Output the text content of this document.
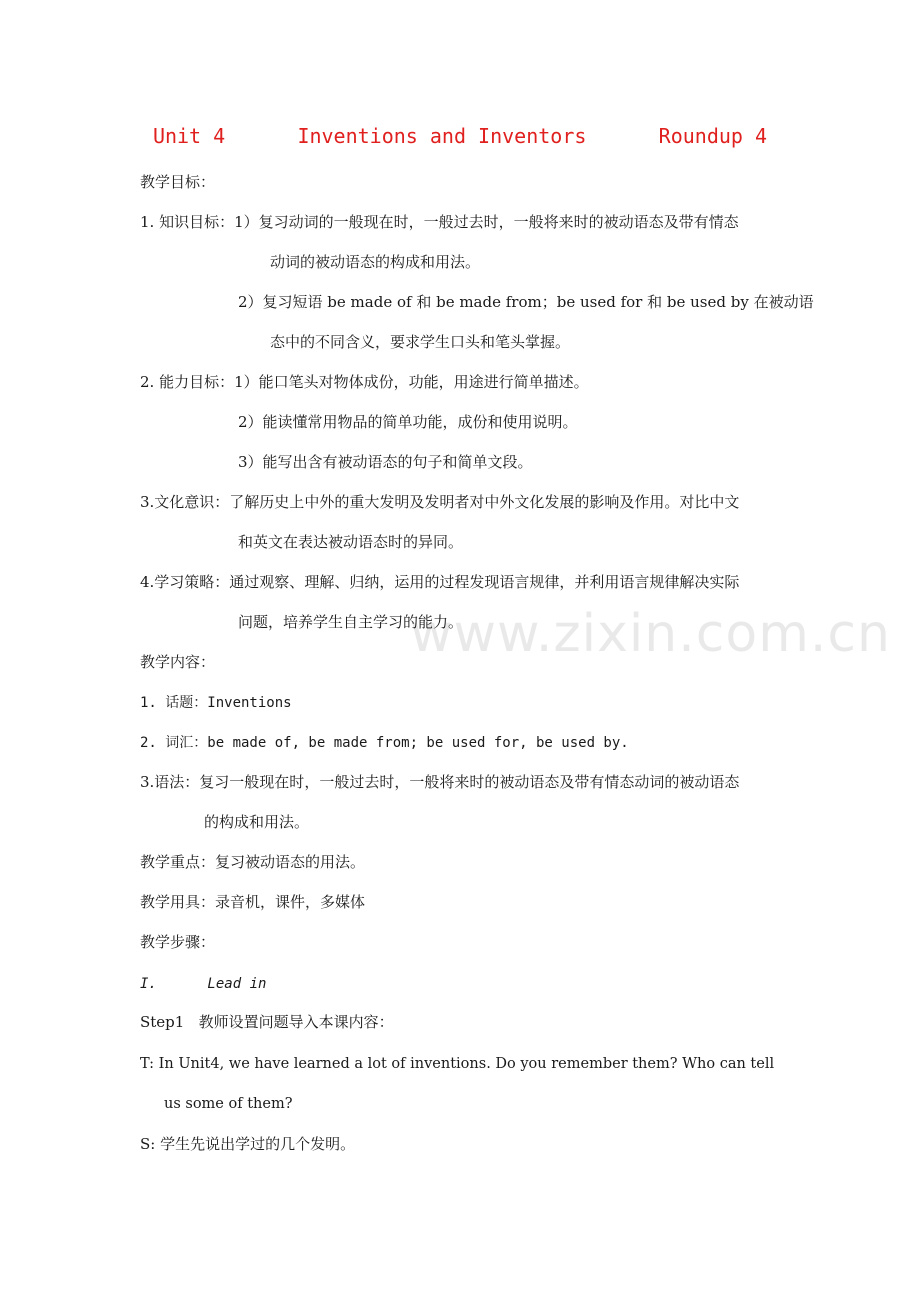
Unit 4	Inventions and Inventors	Roundup 4
www.zixin.com.cn
教学目标：
1. 知识目标：1）复习动词的一般现在时，一般过去时，一般将来时的被动语态及带有情态
动词的被动语态的构成和用法。
2）复习短语 be made of 和 be made from；be used for 和 be used by 在被动语
态中的不同含义，要求学生口头和笔头掌握。
2. 能力目标：1）能口笔头对物体成份，功能，用途进行简单描述。
2）能读懂常用物品的简单功能，成份和使用说明。
3）能写出含有被动语态的句子和简单文段。
3.文化意识：了解历史上中外的重大发明及发明者对中外文化发展的影响及作用。对比中文
和英文在表达被动语态时的异同。
4.学习策略：通过观察、理解、归纳，运用的过程发现语言规律，并利用语言规律解决实际
问题，培养学生自主学习的能力。
教学内容：
1. 话题：Inventions
2. 词汇：be made of, be made from; be used for, be used by.
3.语法：复习一般现在时，一般过去时，一般将来时的被动语态及带有情态动词的被动语态
的构成和用法。
教学重点：复习被动语态的用法。
教学用具：录音机，课件，多媒体
教学步骤：
I.      Lead in
Step1   教师设置问题导入本课内容：
T: In Unit4, we have learned a lot of inventions. Do you remember them? Who can tell
us some of them?
S: 学生先说出学过的几个发明。
